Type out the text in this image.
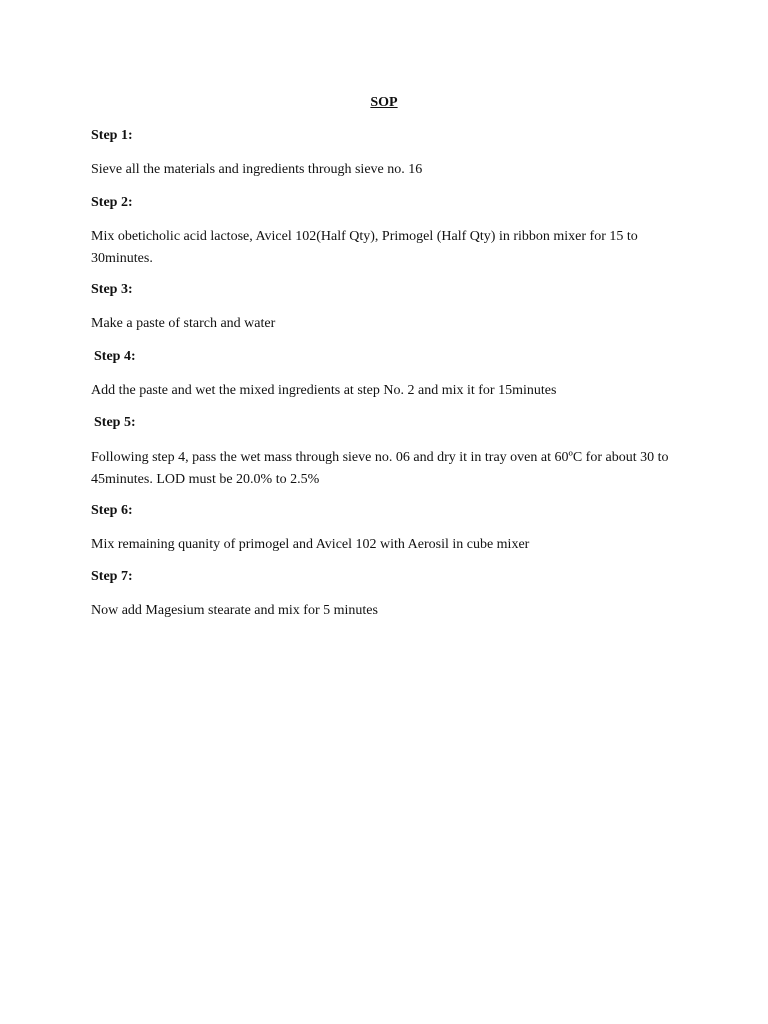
SOP
Step 1:
Sieve all the materials and ingredients through sieve no. 16
Step 2:
Mix obeticholic acid lactose, Avicel 102(Half Qty), Primogel (Half Qty) in ribbon mixer for 15 to 30minutes.
Step 3:
Make a paste of starch and water
Step 4:
Add the paste and wet the mixed ingredients at step No. 2 and mix it for 15minutes
Step 5:
Following step 4, pass the wet mass through sieve no. 06 and dry it in tray oven at 60ºC for about 30 to 45minutes. LOD must be 20.0% to 2.5%
Step 6:
Mix remaining quanity of primogel and Avicel 102 with Aerosil in cube mixer
Step 7:
Now add Magesium stearate and mix for 5 minutes
